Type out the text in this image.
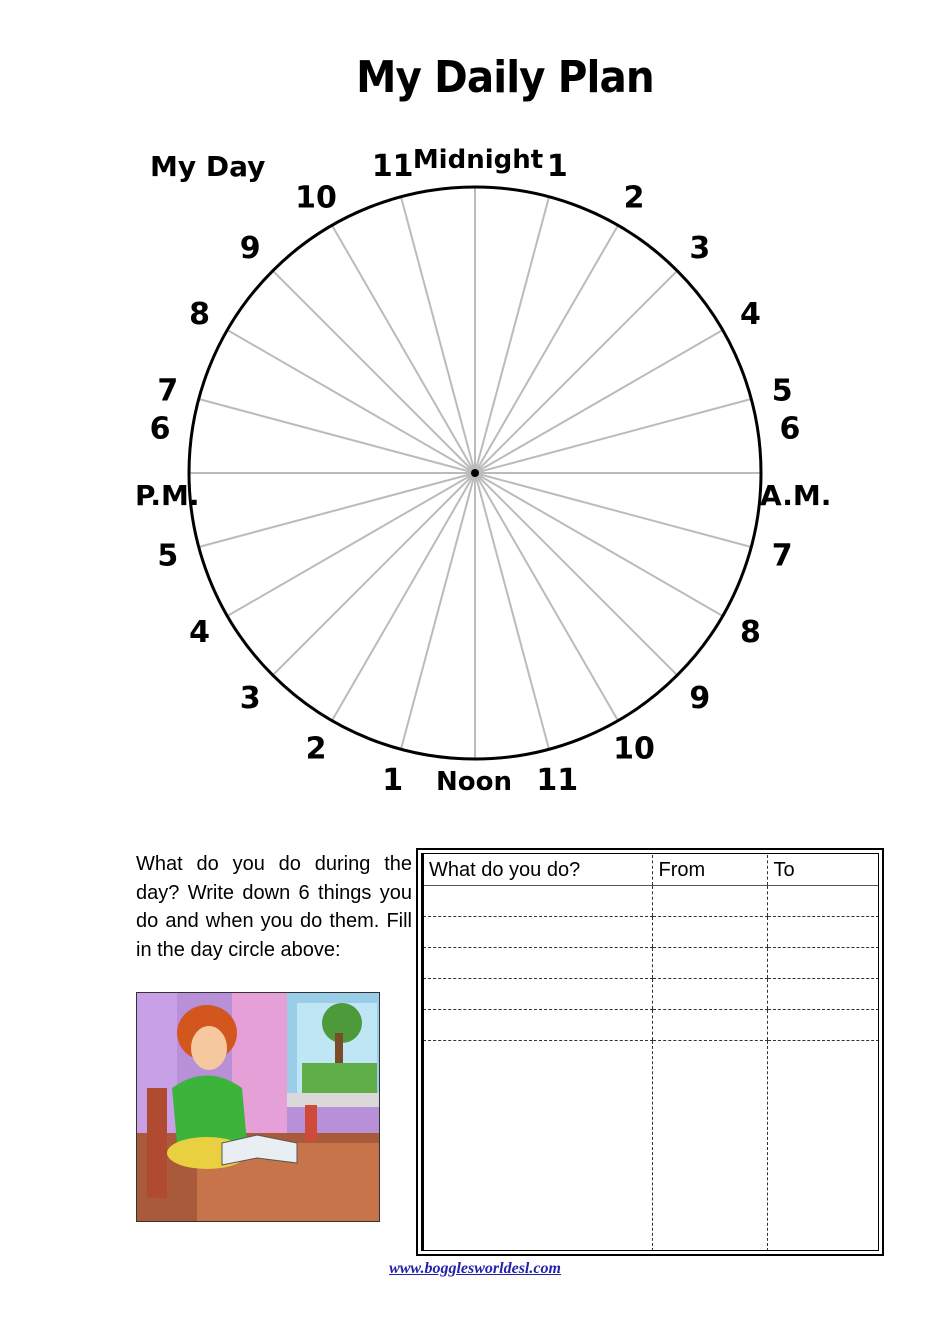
My Daily Plan
My Day	Midnight
Noon
P.M.	A.M.
1
2
3
4
5
6
7
8
9
10
11
1
2
3
4
5
6
7
8
9
10
11
What do you do during the day? Write down 6 things you do and when you do them. Fill in the day circle above:
What do you do?	From	To

www.bogglesworldesl.com
